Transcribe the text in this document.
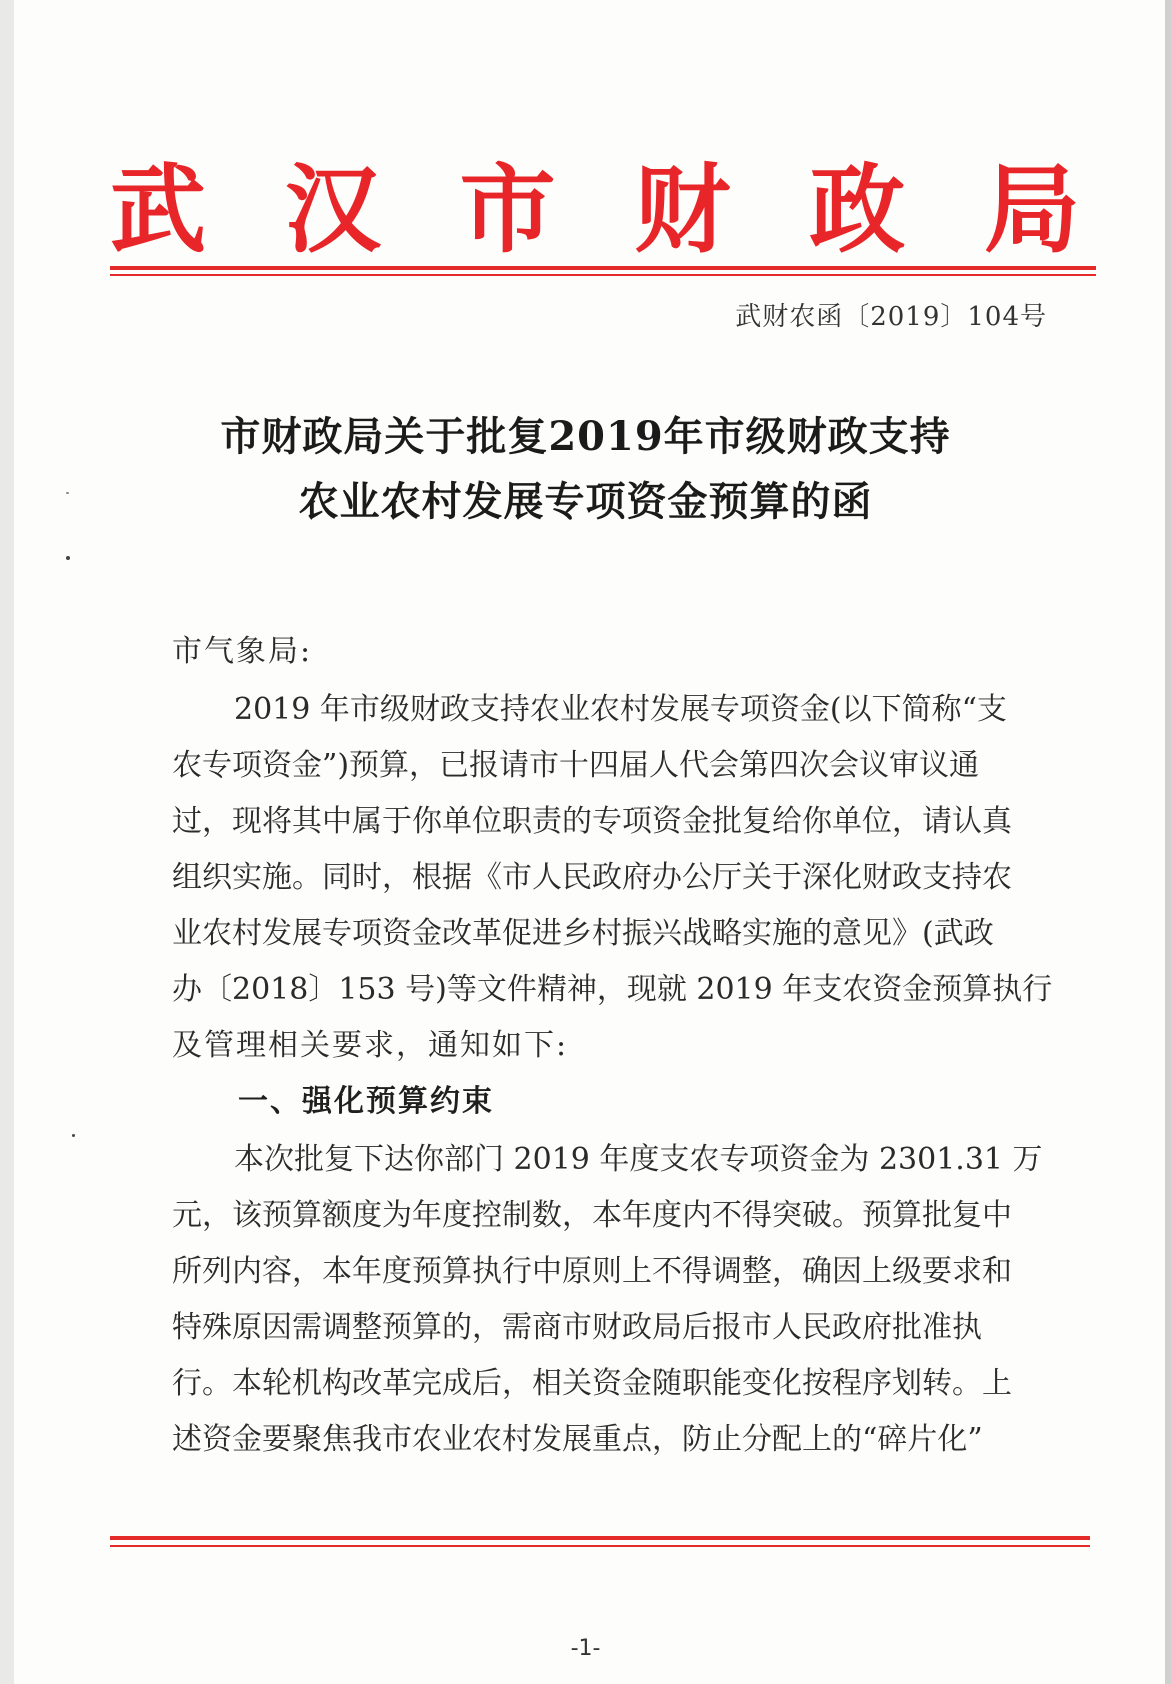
武 汉 市 财 政 局
武财农函〔2019〕104号
市财政局关于批复2019年市级财政支持
农业农村发展专项资金预算的函
市气象局:
2019 年市级财政支持农业农村发展专项资金(以下简称“支
农专项资金”)预算，已报请市十四届人代会第四次会议审议通
过，现将其中属于你单位职责的专项资金批复给你单位，请认真
组织实施。同时，根据《市人民政府办公厅关于深化财政支持农
业农村发展专项资金改革促进乡村振兴战略实施的意见》(武政
办〔2018〕153 号)等文件精神，现就 2019 年支农资金预算执行
及管理相关要求，通知如下:
一、强化预算约束
本次批复下达你部门 2019 年度支农专项资金为 2301.31 万
元，该预算额度为年度控制数，本年度内不得突破。预算批复中
所列内容，本年度预算执行中原则上不得调整，确因上级要求和
特殊原因需调整预算的，需商市财政局后报市人民政府批准执
行。本轮机构改革完成后，相关资金随职能变化按程序划转。上
述资金要聚焦我市农业农村发展重点，防止分配上的“碎片化”
-1-
